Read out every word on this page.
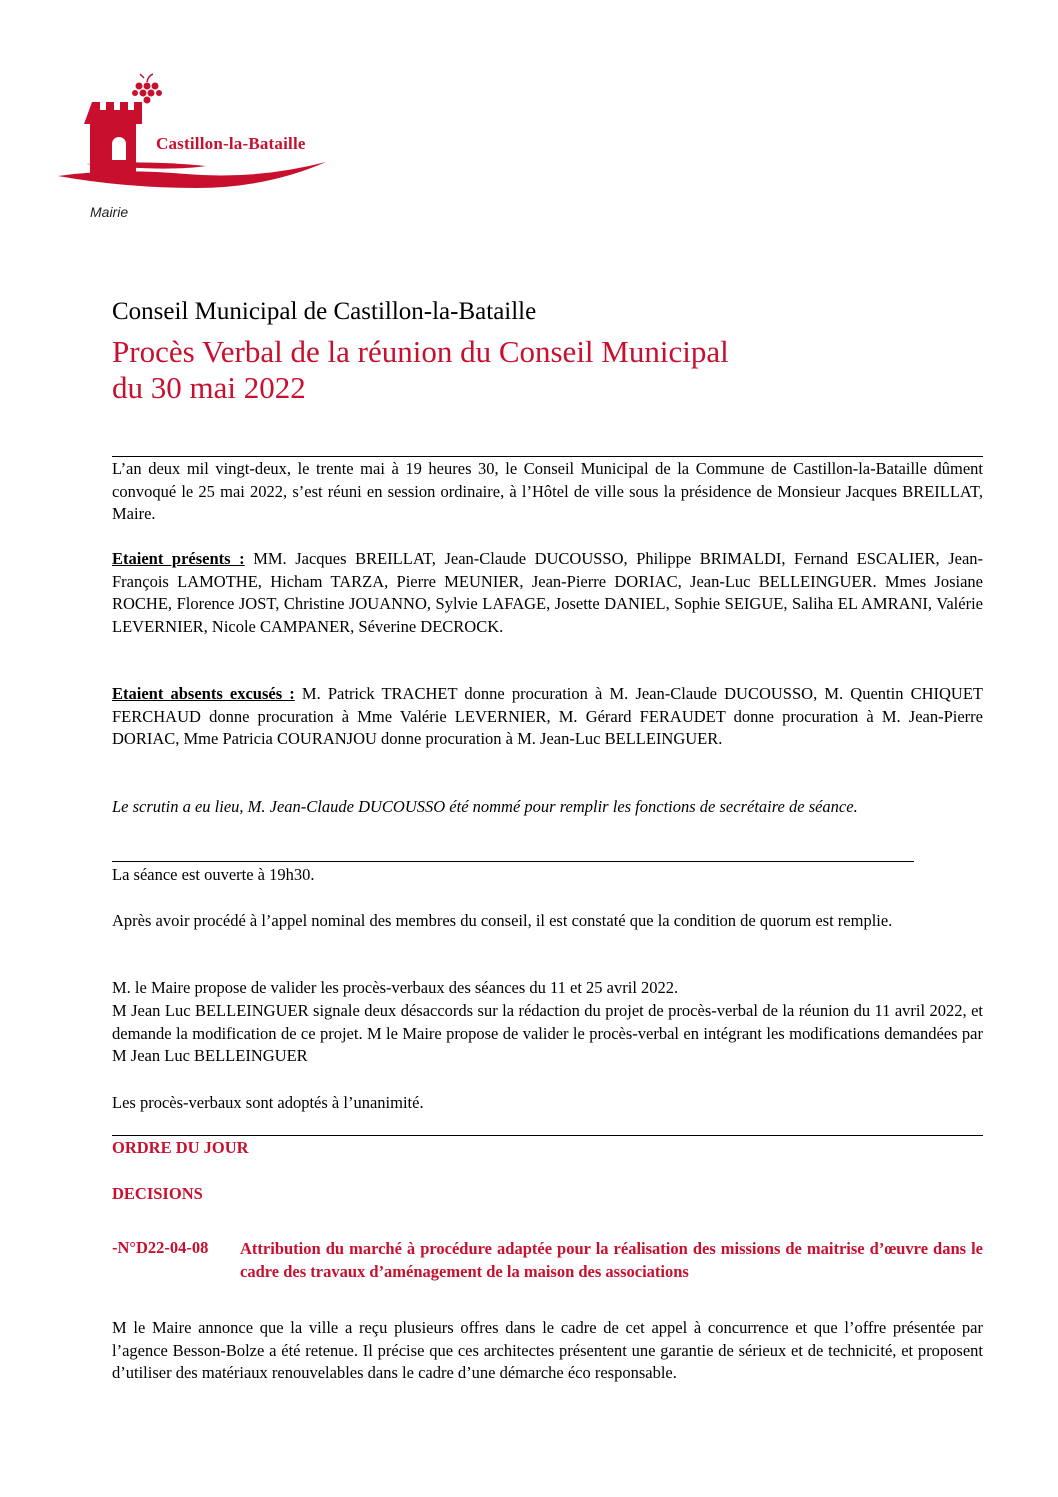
Castillon-la-Bataille
Mairie
Conseil Municipal de Castillon-la-Bataille
Procès Verbal de la réunion du Conseil Municipal
du 30 mai 2022

L’an deux mil vingt-deux, le trente mai à 19 heures 30, le Conseil Municipal de la Commune de Castillon-la-Bataille dûment convoqué le 25 mai 2022, s’est réuni en session ordinaire, à l’Hôtel de ville sous la présidence de Monsieur Jacques BREILLAT, Maire.

Etaient présents : MM. Jacques BREILLAT, Jean-Claude DUCOUSSO, Philippe BRIMALDI, Fernand ESCALIER, Jean-François LAMOTHE, Hicham TARZA, Pierre MEUNIER, Jean-Pierre DORIAC, Jean-Luc BELLEINGUER. Mmes Josiane ROCHE, Florence JOST, Christine JOUANNO, Sylvie LAFAGE, Josette DANIEL, Sophie SEIGUE, Saliha EL AMRANI, Valérie LEVERNIER, Nicole CAMPANER, Séverine DECROCK.

Etaient absents excusés : M. Patrick TRACHET donne procuration à M. Jean-Claude DUCOUSSO, M. Quentin CHIQUET FERCHAUD donne procuration à Mme Valérie LEVERNIER, M. Gérard FERAUDET donne procuration à M. Jean-Pierre DORIAC, Mme Patricia COURANJOU donne procuration à M. Jean-Luc BELLEINGUER.

Le scrutin a eu lieu, M. Jean-Claude DUCOUSSO été nommé pour remplir les fonctions de secrétaire de séance.

La séance est ouverte à 19h30.

Après avoir procédé à l’appel nominal des membres du conseil, il est constaté que la condition de quorum est remplie.

M. le Maire propose de valider les procès-verbaux des séances du 11 et 25 avril 2022.

M Jean Luc BELLEINGUER signale deux désaccords sur la rédaction du projet de procès-verbal de la réunion du 11 avril 2022, et demande la modification de ce projet. M le Maire propose de valider le procès-verbal en intégrant les modifications demandées par M Jean Luc BELLEINGUER

Les procès-verbaux sont adoptés à l’unanimité.

ORDRE DU JOUR
DECISIONS
-N°D22-04-08 Attribution du marché à procédure adaptée pour la réalisation des missions de maitrise d’œuvre dans le cadre des travaux d’aménagement de la maison des associations

M le Maire annonce que la ville a reçu plusieurs offres dans le cadre de cet appel à concurrence et que l’offre présentée par l’agence Besson-Bolze a été retenue. Il précise que ces architectes présentent une garantie de sérieux et de technicité, et proposent d’utiliser des matériaux renouvelables dans le cadre d’une démarche éco responsable.
